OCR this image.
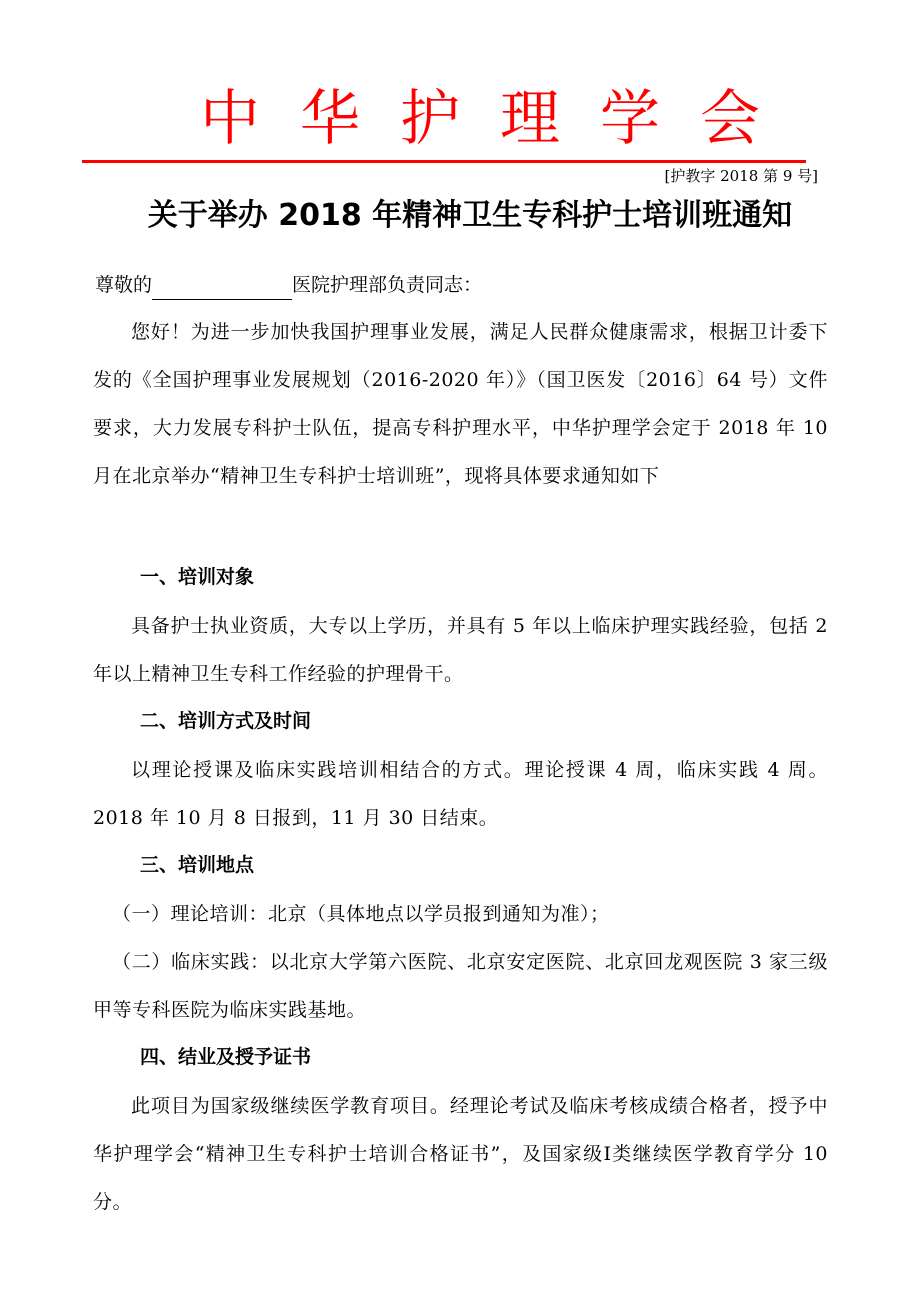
中 华 护 理 学 会
[护教字 2018 第 9 号]
关于举办 2018 年精神卫生专科护士培训班通知
尊敬的	医院护理部负责同志：
您好！为进一步加快我国护理事业发展，满足人民群众健康需求，根据卫计委下发的《全国护理事业发展规划（2016-2020 年）》（国卫医发〔2016〕64 号）文件要求，大力发展专科护士队伍，提高专科护理水平，中华护理学会定于 2018 年 10 月在北京举办“精神卫生专科护士培训班”，现将具体要求通知如下
一、培训对象
具备护士执业资质，大专以上学历，并具有 5 年以上临床护理实践经验，包括 2 年以上精神卫生专科工作经验的护理骨干。
二、培训方式及时间
以理论授课及临床实践培训相结合的方式。理论授课 4 周，临床实践 4 周。2018 年 10 月 8 日报到，11 月 30 日结束。
三、培训地点
（一）理论培训：北京（具体地点以学员报到通知为准）；
（二）临床实践：以北京大学第六医院、北京安定医院、北京回龙观医院 3 家三级甲等专科医院为临床实践基地。
四、结业及授予证书
此项目为国家级继续医学教育项目。经理论考试及临床考核成绩合格者，授予中华护理学会“精神卫生专科护士培训合格证书”，及国家级Ⅰ类继续医学教育学分 10 分。
